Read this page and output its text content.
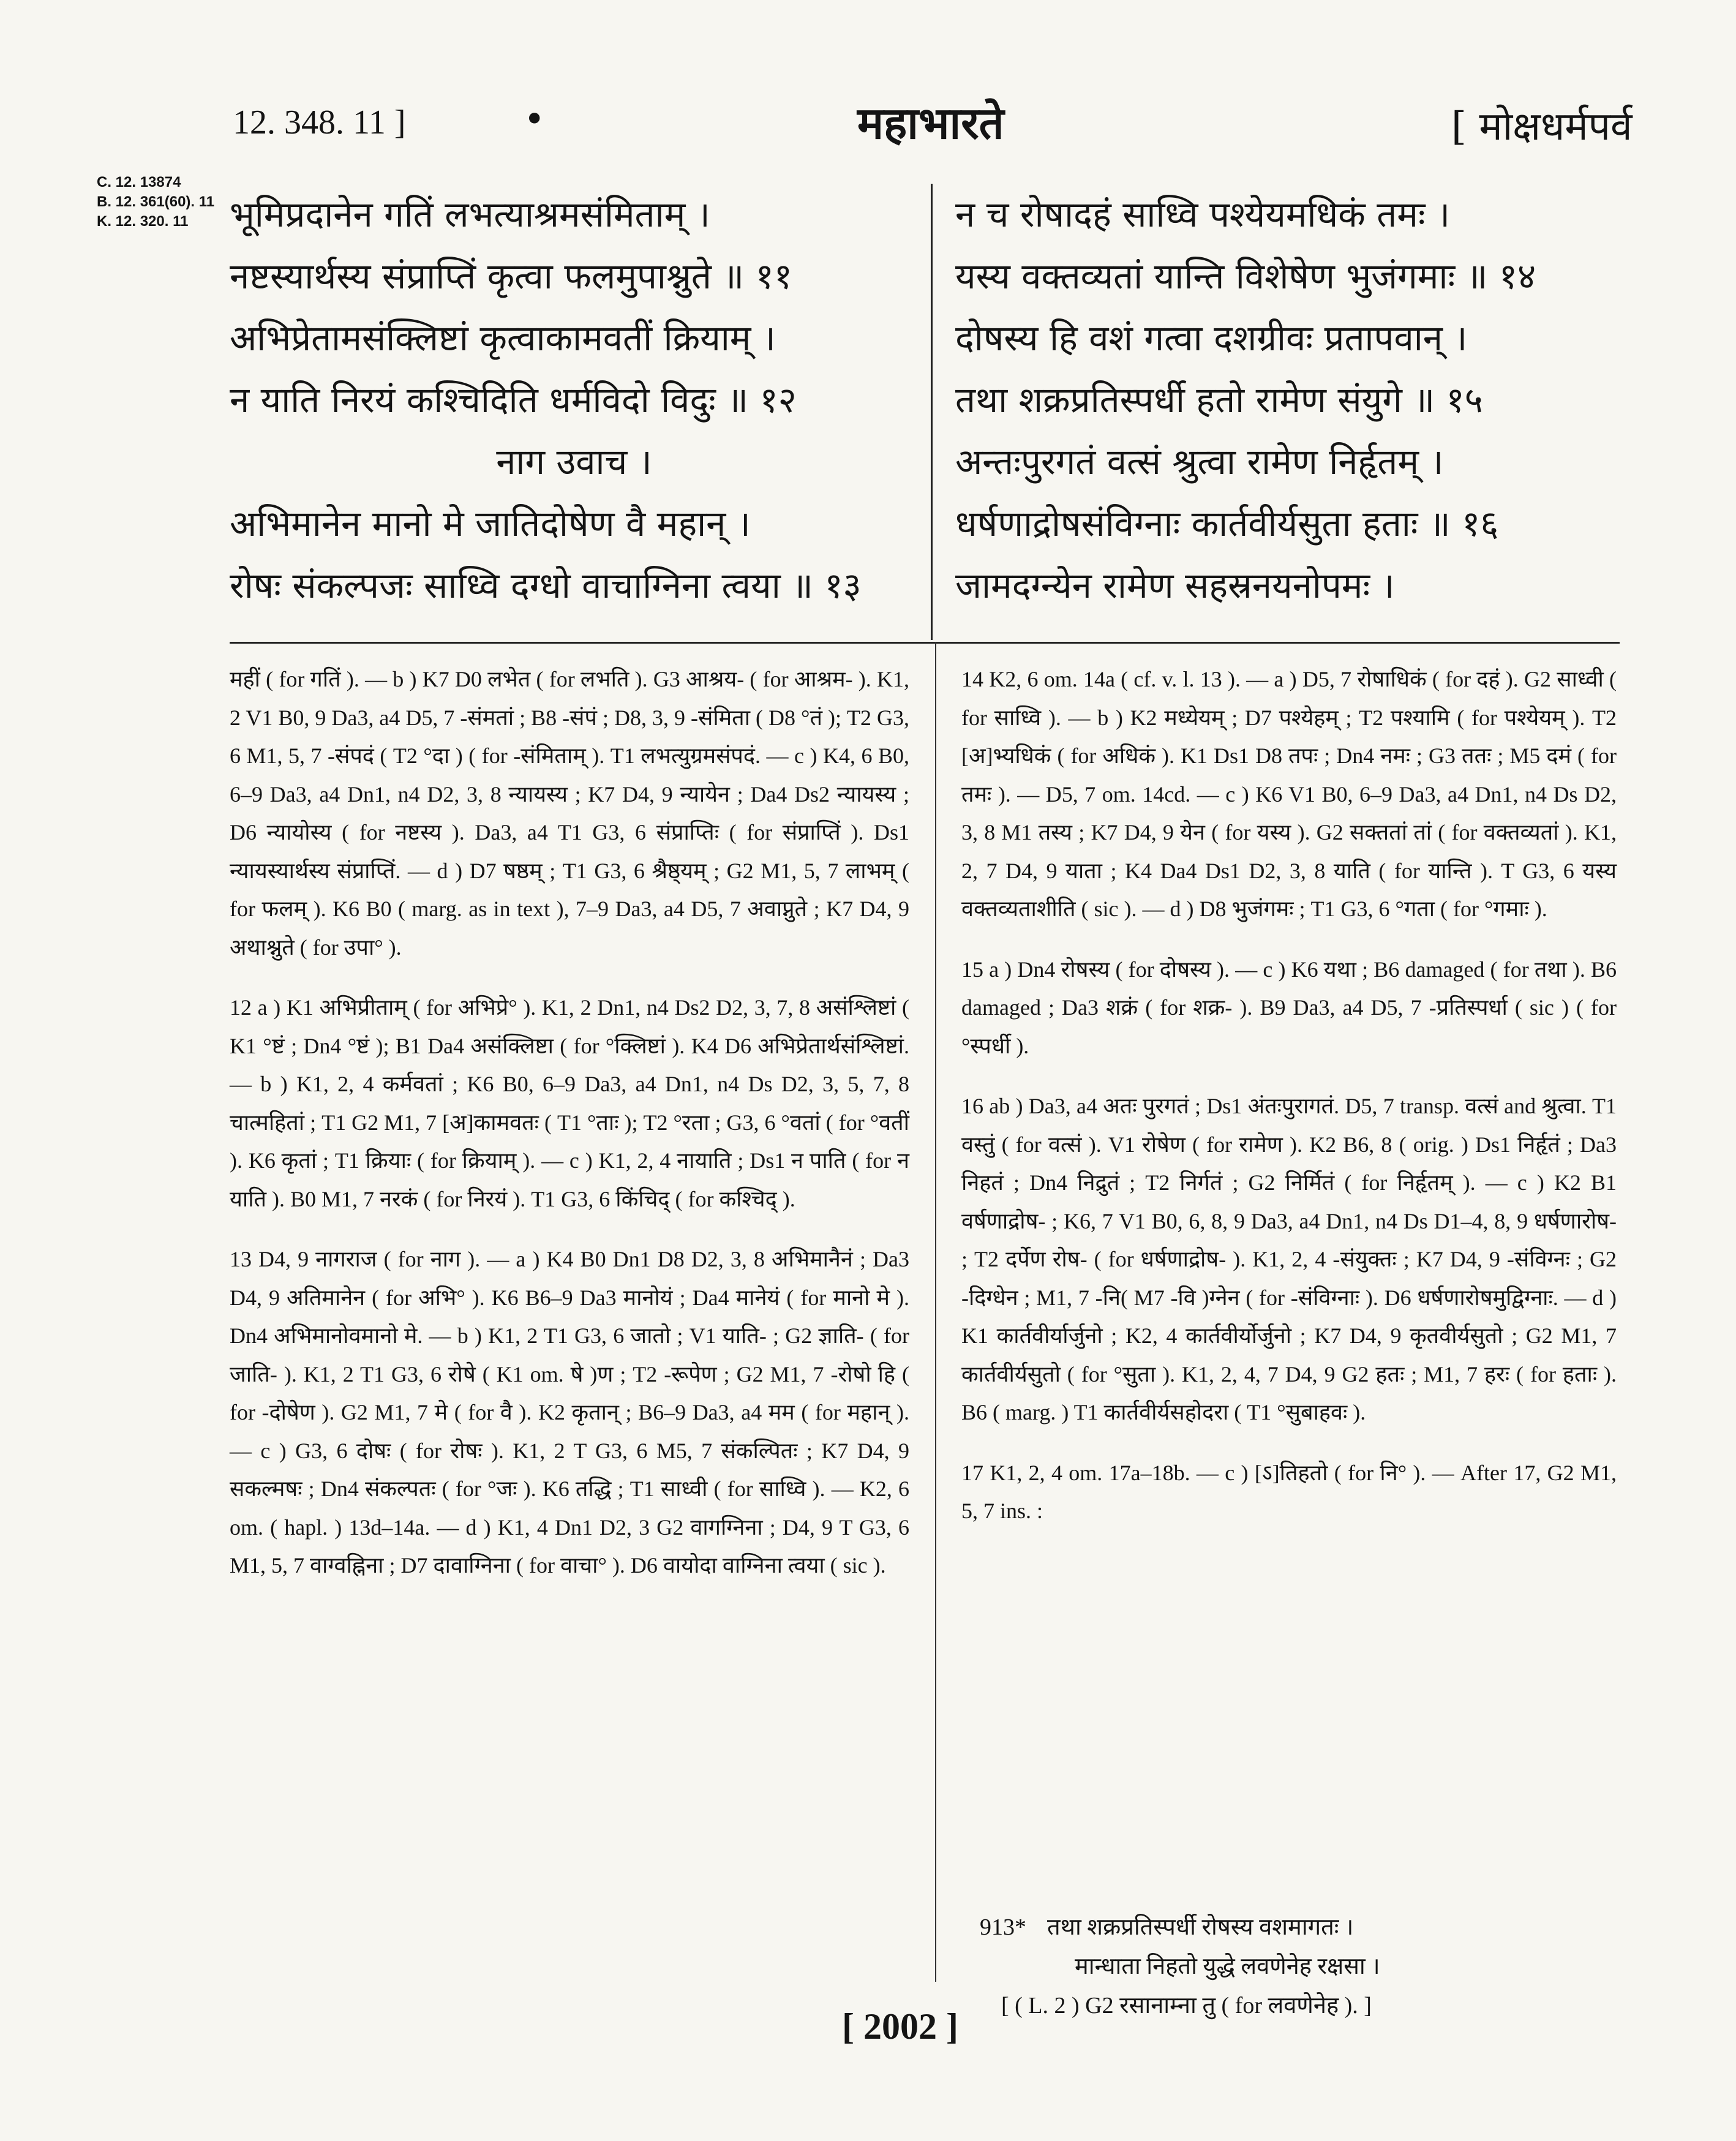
12. 348. 11 ]	•	महाभारते	[ मोक्षधर्मपर्व
C. 12. 13874
B. 12. 361(60). 11
K. 12. 320. 11	भूमिप्रदानेन गतिं लभत्याश्रमसंमिताम् ।
नष्टस्यार्थस्य संप्राप्तिं कृत्वा फलमुपाश्नुते ॥ ११
अभिप्रेतामसंक्लिष्टां कृत्वाकामवतीं क्रियाम् ।
न याति निरयं कश्चिदिति धर्मविदो विदुः ॥ १२
नाग उवाच ।
अभिमानेन मानो मे जातिदोषेण वै महान् ।
रोषः संकल्पजः साध्वि दग्धो वाचाग्निना त्वया ॥ १३
न च रोषादहं साध्वि पश्येयमधिकं तमः ।
यस्य वक्तव्यतां यान्ति विशेषेण भुजंगमाः ॥ १४
दोषस्य हि वशं गत्वा दशग्रीवः प्रतापवान् ।
तथा शक्रप्रतिस्पर्धी हतो रामेण संयुगे ॥ १५
अन्तःपुरगतं वत्सं श्रुत्वा रामेण निर्हृतम् ।
धर्षणाद्रोषसंविग्नाः कार्तवीर्यसुता हताः ॥ १६
जामदग्न्येन रामेण सहस्रनयनोपमः ।

महीं ( for गतिं ). — b ) K7 D0 लभेत ( for लभति ). G3 आश्रय- ( for आश्रम- ). K1, 2 V1 B0, 9 Da3, a4 D5, 7 -संमतां ; B8 -संपं ; D8, 3, 9 -संमिता ( D8 °तं ); T2 G3, 6 M1, 5, 7 -संपदं ( T2 °दा ) ( for -संमिताम् ). T1 लभत्युग्रमसंपदं. — c ) K4, 6 B0, 6–9 Da3, a4 Dn1, n4 D2, 3, 8 न्यायस्य ; K7 D4, 9 न्यायेन ; Da4 Ds2 न्यायस्य ; D6 न्यायोस्य ( for नष्टस्य ). Da3, a4 T1 G3, 6 संप्राप्तिः ( for संप्राप्तिं ). Ds1 न्यायस्यार्थस्य संप्राप्तिं. — d ) D7 षष्ठम् ; T1 G3, 6 श्रैष्ठ्यम् ; G2 M1, 5, 7 लाभम् ( for फलम् ). K6 B0 ( marg. as in text ), 7–9 Da3, a4 D5, 7 अवाप्नुते ; K7 D4, 9 अथाश्नुते ( for उपा° ).

12 a ) K1 अभिप्रीताम् ( for अभिप्रे° ). K1, 2 Dn1, n4 Ds2 D2, 3, 7, 8 असंश्लिष्टां ( K1 °ष्टं ; Dn4 °ष्टं ); B1 Da4 असंक्लिष्टा ( for °क्लिष्टां ). K4 D6 अभिप्रेतार्थसंश्लिष्टां. — b ) K1, 2, 4 कर्मवतां ; K6 B0, 6–9 Da3, a4 Dn1, n4 Ds D2, 3, 5, 7, 8 चात्महितां ; T1 G2 M1, 7 [अ]कामवतः ( T1 °ताः ); T2 °रता ; G3, 6 °वतां ( for °वतीं ). K6 कृतां ; T1 क्रियाः ( for क्रियाम् ). — c ) K1, 2, 4 नायाति ; Ds1 न पाति ( for न याति ). B0 M1, 7 नरकं ( for निरयं ). T1 G3, 6 किंचिद् ( for कश्चिद् ).

13 D4, 9 नागराज ( for नाग ). — a ) K4 B0 Dn1 D8 D2, 3, 8 अभिमानैनं ; Da3 D4, 9 अतिमानेन ( for अभि° ). K6 B6–9 Da3 मानोयं ; Da4 मानेयं ( for मानो मे ). Dn4 अभिमानोवमानो मे. — b ) K1, 2 T1 G3, 6 जातो ; V1 याति- ; G2 ज्ञाति- ( for जाति- ). K1, 2 T1 G3, 6 रोषे ( K1 om. षे )ण ; T2 -रूपेण ; G2 M1, 7 -रोषो हि ( for -दोषेण ). G2 M1, 7 मे ( for वै ). K2 कृतान् ; B6–9 Da3, a4 मम ( for महान् ). — c ) G3, 6 दोषः ( for रोषः ). K1, 2 T G3, 6 M5, 7 संकल्पितः ; K7 D4, 9 सकल्मषः ; Dn4 संकल्पतः ( for °जः ). K6 तद्धि ; T1 साध्वी ( for साध्वि ). — K2, 6 om. ( hapl. ) 13d–14a. — d ) K1, 4 Dn1 D2, 3 G2 वागग्निना ; D4, 9 T G3, 6 M1, 5, 7 वाग्वह्निना ; D7 दावाग्निना ( for वाचा° ). D6 वायोदा वाग्निना त्वया ( sic ).

14 K2, 6 om. 14a ( cf. v. l. 13 ). — a ) D5, 7 रोषाधिकं ( for दहं ). G2 साध्वी ( for साध्वि ). — b ) K2 मध्येयम् ; D7 पश्येहम् ; T2 पश्यामि ( for पश्येयम् ). T2 [अ]भ्यधिकं ( for अधिकं ). K1 Ds1 D8 तपः ; Dn4 नमः ; G3 ततः ; M5 दमं ( for तमः ). — D5, 7 om. 14cd. — c ) K6 V1 B0, 6–9 Da3, a4 Dn1, n4 Ds D2, 3, 8 M1 तस्य ; K7 D4, 9 येन ( for यस्य ). G2 सक्ततां तां ( for वक्तव्यतां ). K1, 2, 7 D4, 9 याता ; K4 Da4 Ds1 D2, 3, 8 याति ( for यान्ति ). T G3, 6 यस्य वक्तव्यताशीति ( sic ). — d ) D8 भुजंगमः ; T1 G3, 6 °गता ( for °गमाः ).

15 a ) Dn4 रोषस्य ( for दोषस्य ). — c ) K6 यथा ; B6 damaged ( for तथा ). B6 damaged ; Da3 शक्रं ( for शक्र- ). B9 Da3, a4 D5, 7 -प्रतिस्पर्धा ( sic ) ( for °स्पर्धी ).

16 ab ) Da3, a4 अतः पुरगतं ; Ds1 अंतःपुरागतं. D5, 7 transp. वत्सं and श्रुत्वा. T1 वस्तुं ( for वत्सं ). V1 रोषेण ( for रामेण ). K2 B6, 8 ( orig. ) Ds1 निर्हृतं ; Da3 निहतं ; Dn4 निद्रुतं ; T2 निर्गतं ; G2 निर्मितं ( for निर्हृतम् ). — c ) K2 B1 वर्षणाद्रोष- ; K6, 7 V1 B0, 6, 8, 9 Da3, a4 Dn1, n4 Ds D1–4, 8, 9 धर्षणारोष- ; T2 दर्पेण रोष- ( for धर्षणाद्रोष- ). K1, 2, 4 -संयुक्तः ; K7 D4, 9 -संविग्नः ; G2 -दिग्धेन ; M1, 7 -नि( M7 -वि )ग्नेन ( for -संविग्नाः ). D6 धर्षणारोषमुद्विग्नाः. — d ) K1 कार्तवीर्यार्जुनो ; K2, 4 कार्तवीर्योर्जुनो ; K7 D4, 9 कृतवीर्यसुतो ; G2 M1, 7 कार्तवीर्यसुतो ( for °सुता ). K1, 2, 4, 7 D4, 9 G2 हतः ; M1, 7 हरः ( for हताः ). B6 ( marg. ) T1 कार्तवीर्यसहोदरा ( T1 °सुबाहवः ).

17 K1, 2, 4 om. 17a–18b. — c ) [ऽ]तिहतो ( for नि° ). — After 17, G2 M1, 5, 7 ins. :

913* तथा शक्रप्रतिस्पर्धी रोषस्य वशमागतः ।
मान्धाता निहतो युद्धे लवणेनेह रक्षसा ।
[ ( L. 2 ) G2 रसानाम्ना तु ( for लवणेनेह ). ]
[ 2002 ]
